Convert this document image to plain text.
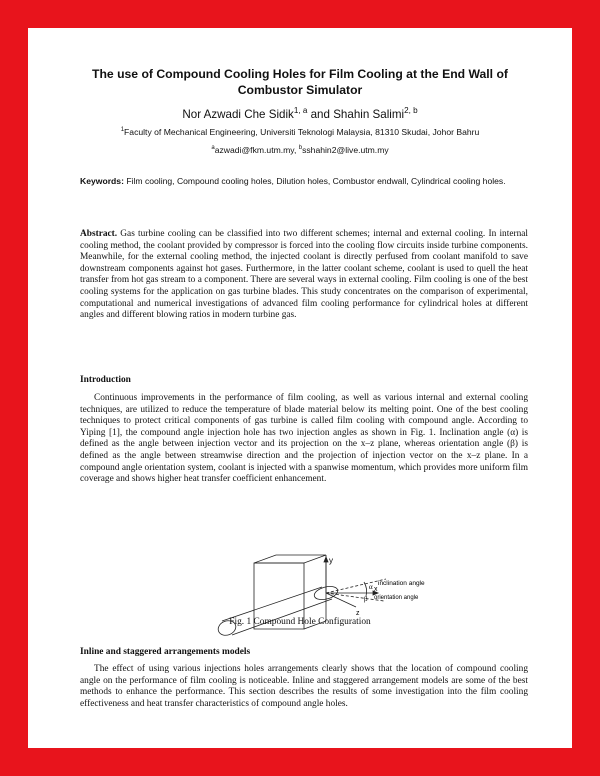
The use of Compound Cooling Holes for Film Cooling at the End Wall of Combustor Simulator
Nor Azwadi Che Sidik$^{1, a}$ and Shahin Salimi$^{2, b}$
$^1$Faculty of Mechanical Engineering, Universiti Teknologi Malaysia, 81310 Skudai, Johor Bahru
$^a$azwadi@fkm.utm.my, $^b$sshahin2@live.utm.my
Keywords: Film cooling, Compound cooling holes, Dilution holes, Combustor endwall, Cylindrical cooling holes.

Abstract. Gas turbine cooling can be classified into two different schemes; internal and external cooling. In internal cooling method, the coolant provided by compressor is forced into the cooling flow circuits inside turbine components. Meanwhile, for the external cooling method, the injected coolant is directly perfused from coolant manifold to save downstream components against hot gases. Furthermore, in the latter coolant scheme, coolant is used to quell the heat transfer from hot gas stream to a component. There are several ways in external cooling. Film cooling is one of the best cooling systems for the application on gas turbine blades. This study concentrates on the comparison of experimental, computational and numerical investigations of advanced film cooling performance for cylindrical holes at different angles and different blowing ratios in modern turbine gas.

Introduction

Continuous improvements in the performance of film cooling, as well as various internal and external cooling techniques, are utilized to reduce the temperature of blade material below its melting point. One of the best cooling techniques to protect critical components of gas turbine is called film cooling with compound angle. According to Yiping [1], the compound angle injection hole has two injection angles as shown in Fig. 1. Inclination angle (α) is defined as the angle between injection vector and its projection on the x–z plane, whereas orientation angle (β) is defined as the angle between streamwise direction and the projection of injection vector on the x–z plane. In a compound angle orientation system, coolant is injected with a spanwise momentum, which provides more uniform film coverage and shows higher heat transfer coefficient enhancement.

y
x
z
α
β
inclination angle
orientation angle

Fig. 1 Compound Hole Configuration

Inline and staggered arrangements models

The effect of using various injections holes arrangements clearly shows that the location of compound cooling angle on the performance of film cooling is noticeable. Inline and staggered arrangement models are some of the best methods to enhance the performance. This section describes the results of some investigation into the film cooling effectiveness and heat transfer characteristics of compound angle holes.
